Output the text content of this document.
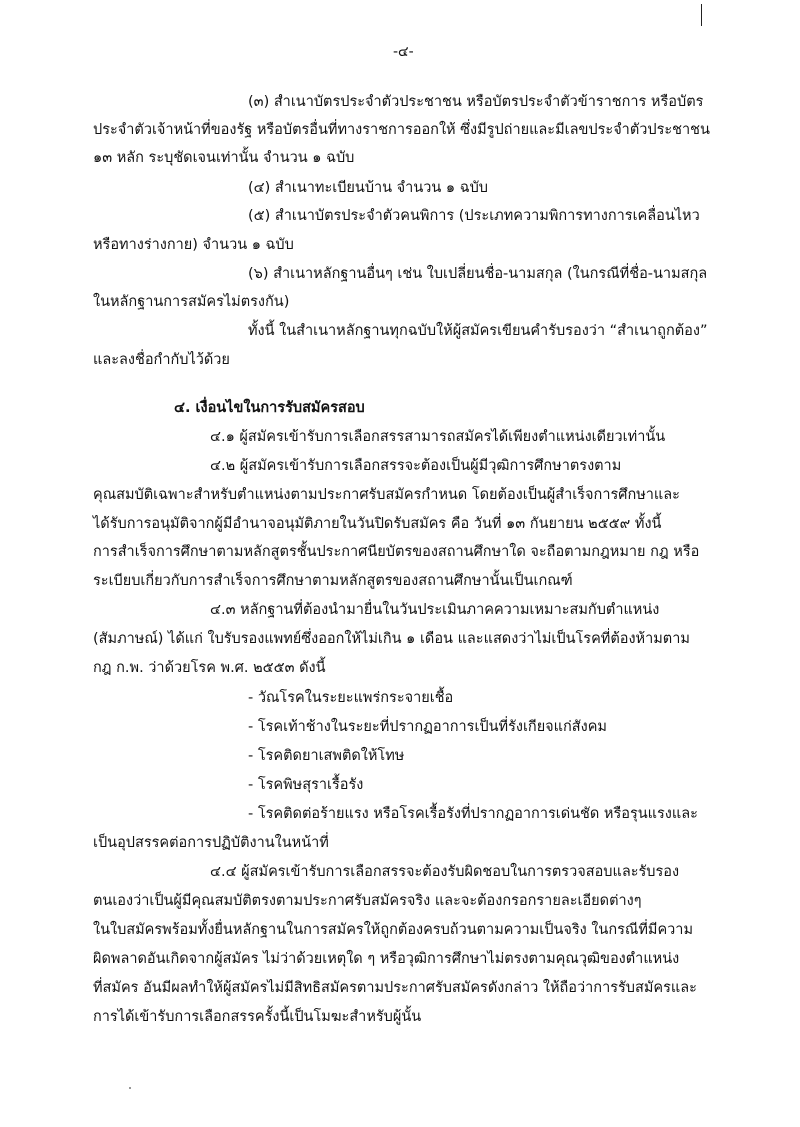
-๔-
(๓) สำเนาบัตรประจำตัวประชาชน หรือบัตรประจำตัวข้าราชการ หรือบัตร
ประจำตัวเจ้าหน้าที่ของรัฐ หรือบัตรอื่นที่ทางราชการออกให้ ซึ่งมีรูปถ่ายและมีเลขประจำตัวประชาชน
๑๓ หลัก ระบุชัดเจนเท่านั้น จำนวน ๑ ฉบับ
(๔) สำเนาทะเบียนบ้าน จำนวน ๑ ฉบับ
(๕) สำเนาบัตรประจำตัวคนพิการ (ประเภทความพิการทางการเคลื่อนไหว
หรือทางร่างกาย) จำนวน ๑ ฉบับ
(๖) สำเนาหลักฐานอื่นๆ เช่น ใบเปลี่ยนชื่อ-นามสกุล (ในกรณีที่ชื่อ-นามสกุล
ในหลักฐานการสมัครไม่ตรงกัน)
ทั้งนี้ ในสำเนาหลักฐานทุกฉบับให้ผู้สมัครเขียนคำรับรองว่า “สำเนาถูกต้อง”
และลงชื่อกำกับไว้ด้วย
๔. เงื่อนไขในการรับสมัครสอบ
๔.๑ ผู้สมัครเข้ารับการเลือกสรรสามารถสมัครได้เพียงตำแหน่งเดียวเท่านั้น
๔.๒ ผู้สมัครเข้ารับการเลือกสรรจะต้องเป็นผู้มีวุฒิการศึกษาตรงตาม
คุณสมบัติเฉพาะสำหรับตำแหน่งตามประกาศรับสมัครกำหนด โดยต้องเป็นผู้สำเร็จการศึกษาและ
ได้รับการอนุมัติจากผู้มีอำนาจอนุมัติภายในวันปิดรับสมัคร คือ วันที่ ๑๓ กันยายน ๒๕๕๙ ทั้งนี้
การสำเร็จการศึกษาตามหลักสูตรชั้นประกาศนียบัตรของสถานศึกษาใด จะถือตามกฎหมาย กฎ หรือ
ระเบียบเกี่ยวกับการสำเร็จการศึกษาตามหลักสูตรของสถานศึกษานั้นเป็นเกณฑ์
๔.๓ หลักฐานที่ต้องนำมายื่นในวันประเมินภาคความเหมาะสมกับตำแหน่ง
(สัมภาษณ์) ได้แก่ ใบรับรองแพทย์ซึ่งออกให้ไม่เกิน ๑ เดือน และแสดงว่าไม่เป็นโรคที่ต้องห้ามตาม
กฎ ก.พ. ว่าด้วยโรค พ.ศ. ๒๕๕๓ ดังนี้
- วัณโรคในระยะแพร่กระจายเชื้อ
- โรคเท้าช้างในระยะที่ปรากฏอาการเป็นที่รังเกียจแก่สังคม
- โรคติดยาเสพติดให้โทษ
- โรคพิษสุราเรื้อรัง
- โรคติดต่อร้ายแรง หรือโรคเรื้อรังที่ปรากฏอาการเด่นชัด หรือรุนแรงและ
เป็นอุปสรรคต่อการปฏิบัติงานในหน้าที่
๔.๔ ผู้สมัครเข้ารับการเลือกสรรจะต้องรับผิดชอบในการตรวจสอบและรับรอง
ตนเองว่าเป็นผู้มีคุณสมบัติตรงตามประกาศรับสมัครจริง และจะต้องกรอกรายละเอียดต่างๆ
ในใบสมัครพร้อมทั้งยื่นหลักฐานในการสมัครให้ถูกต้องครบถ้วนตามความเป็นจริง ในกรณีที่มีความ
ผิดพลาดอันเกิดจากผู้สมัคร ไม่ว่าด้วยเหตุใด ๆ หรือวุฒิการศึกษาไม่ตรงตามคุณวุฒิของตำแหน่ง
ที่สมัคร อันมีผลทำให้ผู้สมัครไม่มีสิทธิสมัครตามประกาศรับสมัครดังกล่าว ให้ถือว่าการรับสมัครและ
การได้เข้ารับการเลือกสรรครั้งนี้เป็นโมฆะสำหรับผู้นั้น
